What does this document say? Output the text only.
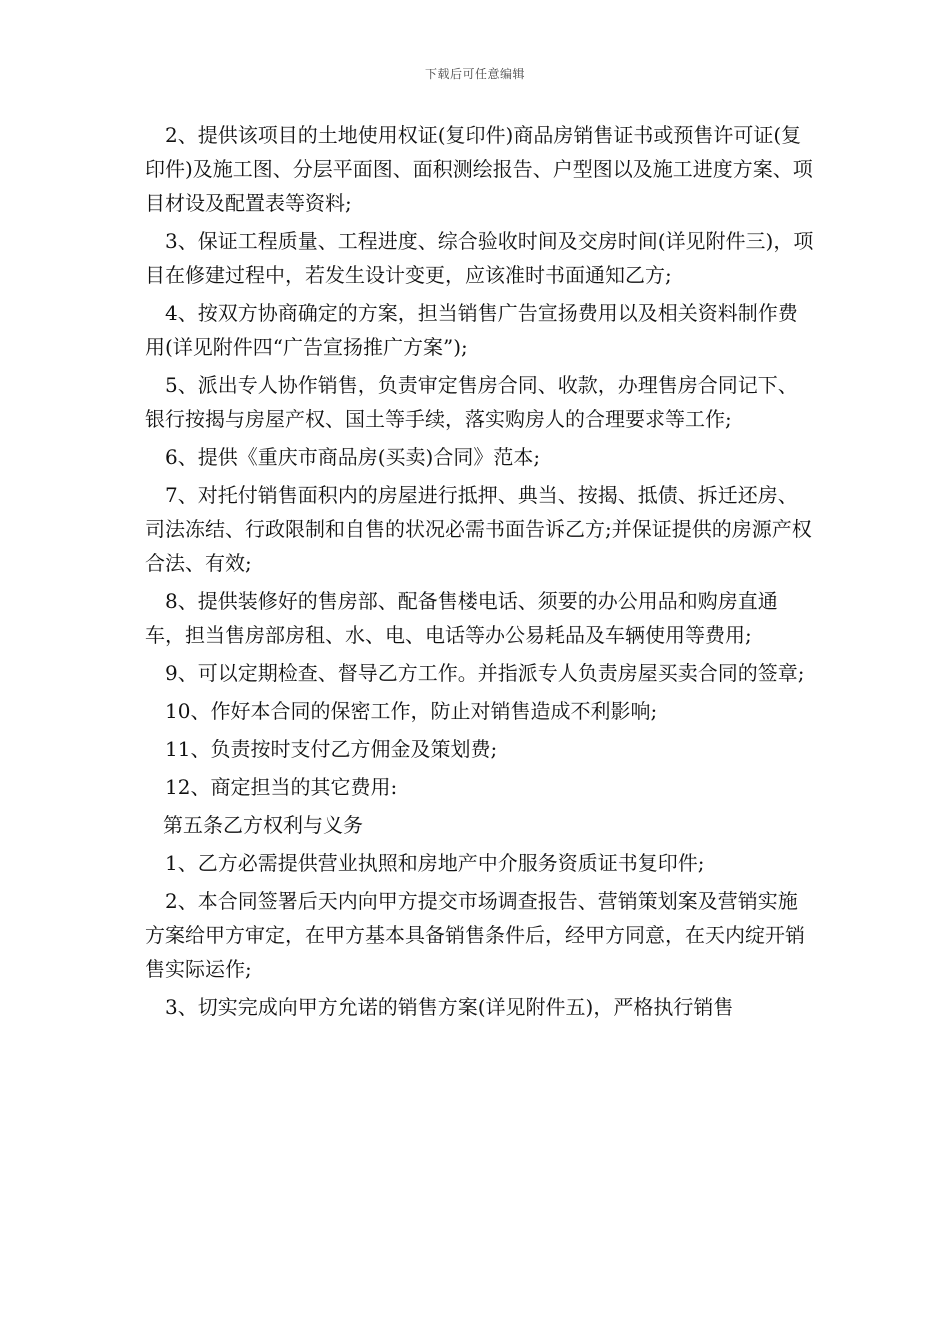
下载后可任意编辑

2、提供该项目的土地使用权证(复印件)商品房销售证书或预售许可证(复印件)及施工图、分层平面图、面积测绘报告、户型图以及施工进度方案、项目材设及配置表等资料;

3、保证工程质量、工程进度、综合验收时间及交房时间(详见附件三)，项目在修建过程中，若发生设计变更，应该准时书面通知乙方;

4、按双方协商确定的方案，担当销售广告宣扬费用以及相关资料制作费用(详见附件四“广告宣扬推广方案”);

5、派出专人协作销售，负责审定售房合同、收款，办理售房合同记下、银行按揭与房屋产权、国土等手续，落实购房人的合理要求等工作;

6、提供《重庆市商品房(买卖)合同》范本;

7、对托付销售面积内的房屋进行抵押、典当、按揭、抵债、拆迁还房、司法冻结、行政限制和自售的状况必需书面告诉乙方;并保证提供的房源产权合法、有效;

8、提供装修好的售房部、配备售楼电话、须要的办公用品和购房直通车，担当售房部房租、水、电、电话等办公易耗品及车辆使用等费用;

9、可以定期检查、督导乙方工作。并指派专人负责房屋买卖合同的签章;

10、作好本合同的保密工作，防止对销售造成不利影响;

11、负责按时支付乙方佣金及策划费;

12、商定担当的其它费用:

第五条乙方权利与义务

1、乙方必需提供营业执照和房地产中介服务资质证书复印件;

2、本合同签署后天内向甲方提交市场调查报告、营销策划案及营销实施方案给甲方审定，在甲方基本具备销售条件后，经甲方同意，在天内绽开销售实际运作;

3、切实完成向甲方允诺的销售方案(详见附件五)，严格执行销售
